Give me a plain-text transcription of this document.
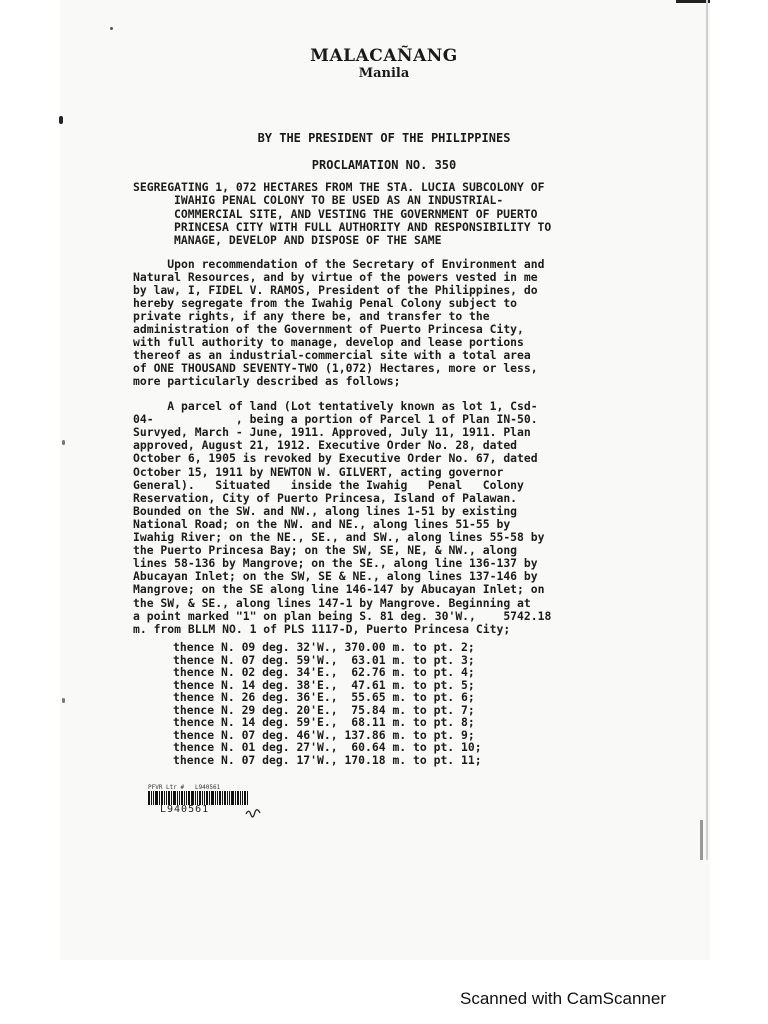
MALACAÑANG
Manila
BY THE PRESIDENT OF THE PHILIPPINES
PROCLAMATION NO. 350
SEGREGATING 1, 072 HECTARES FROM THE STA. LUCIA SUBCOLONY OF
IWAHIG PENAL COLONY TO BE USED AS AN INDUSTRIAL-
COMMERCIAL SITE, AND VESTING THE GOVERNMENT OF PUERTO
PRINCESA CITY WITH FULL AUTHORITY AND RESPONSIBILITY TO
MANAGE, DEVELOP AND DISPOSE OF THE SAME
Upon recommendation of the Secretary of Environment and
Natural Resources, and by virtue of the powers vested in me
by law, I, FIDEL V. RAMOS, President of the Philippines, do
hereby segregate from the Iwahig Penal Colony subject to
private rights, if any there be, and transfer to the
administration of the Government of Puerto Princesa City,
with full authority to manage, develop and lease portions
thereof as an industrial-commercial site with a total area
of ONE THOUSAND SEVENTY-TWO (1,072) Hectares, more or less,
more particularly described as follows;
A parcel of land (Lot tentatively known as lot 1, Csd-
04-            , being a portion of Parcel 1 of Plan IN-50.
Survyed, March - June, 1911. Approved, July 11, 1911. Plan
approved, August 21, 1912. Executive Order No. 28, dated
October 6, 1905 is revoked by Executive Order No. 67, dated
October 15, 1911 by NEWTON W. GILVERT, acting governor
General).   Situated   inside the Iwahig   Penal   Colony
Reservation, City of Puerto Princesa, Island of Palawan.
Bounded on the SW. and NW., along lines 1-51 by existing
National Road; on the NW. and NE., along lines 51-55 by
Iwahig River; on the NE., SE., and SW., along lines 55-58 by
the Puerto Princesa Bay; on the SW, SE, NE, & NW., along
lines 58-136 by Mangrove; on the SE., along line 136-137 by
Abucayan Inlet; on the SW, SE & NE., along lines 137-146 by
Mangrove; on the SE along line 146-147 by Abucayan Inlet; on
the SW, & SE., along lines 147-1 by Mangrove. Beginning at
a point marked "1" on plan being S. 81 deg. 30'W.,    5742.18
m. from BLLM NO. 1 of PLS 1117-D, Puerto Princesa City;
thence N. 09 deg. 32'W., 370.00 m. to pt. 2;
thence N. 07 deg. 59'W.,  63.01 m. to pt. 3;
thence N. 02 deg. 34'E.,  62.76 m. to pt. 4;
thence N. 14 deg. 38'E.,  47.61 m. to pt. 5;
thence N. 26 deg. 36'E.,  55.65 m. to pt. 6;
thence N. 29 deg. 20'E.,  75.84 m. to pt. 7;
thence N. 14 deg. 59'E.,  68.11 m. to pt. 8;
thence N. 07 deg. 46'W., 137.86 m. to pt. 9;
thence N. 01 deg. 27'W.,  60.64 m. to pt. 10;
thence N. 07 deg. 17'W., 170.18 m. to pt. 11;
PFVR Ltr #   L940561
L940561
Scanned with CamScanner
